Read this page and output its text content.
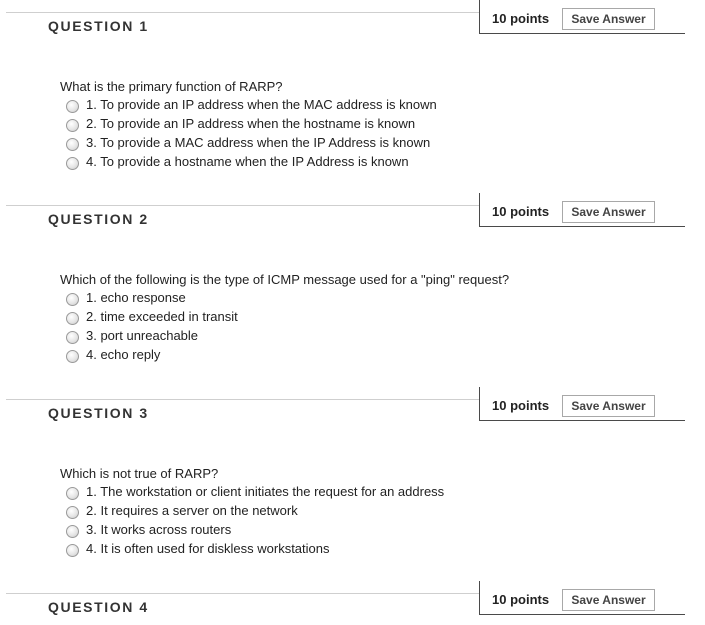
QUESTION 1	10 points	Save Answer
What is the primary function of RARP?
1. To provide an IP address when the MAC address is known
2. To provide an IP address when the hostname is known
3. To provide a MAC address when the IP Address is known
4. To provide a hostname when the IP Address is known
QUESTION 2	10 points	Save Answer
Which of the following is the type of ICMP message used for a "ping" request?
1. echo response
2. time exceeded in transit
3. port unreachable
4. echo reply
QUESTION 3	10 points	Save Answer
Which is not true of RARP?
1. The workstation or client initiates the request for an address
2. It requires a server on the network
3. It works across routers
4. It is often used for diskless workstations
QUESTION 4	10 points	Save Answer
